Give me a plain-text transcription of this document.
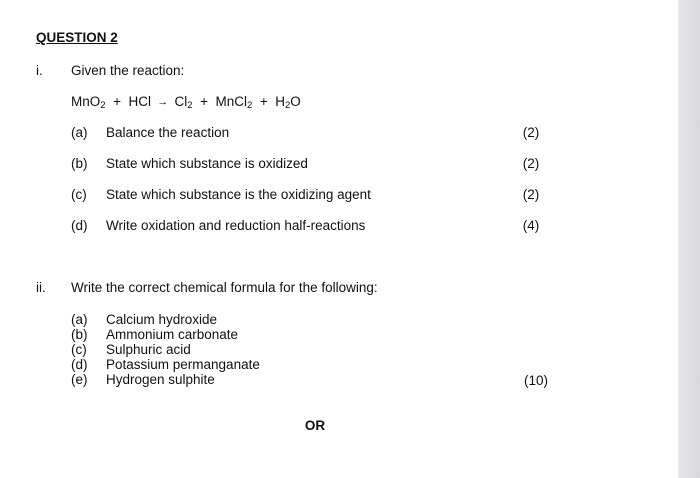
QUESTION 2
i. Given the reaction:
MnO$_2$ + HCl → $Cl_2$ + MnCl$_2$ + $H_2O$
(a) Balance the reaction	(2)
(b) State which substance is oxidized	(2)
(c) State which substance is the oxidizing agent	(2)
(d) Write oxidation and reduction half-reactions	(4)
ii. Write the correct chemical formula for the following:
(a) Calcium hydroxide
(b) Ammonium carbonate
(c) Sulphuric acid
(d) Potassium permanganate
(e) Hydrogen sulphite	(10)
OR
